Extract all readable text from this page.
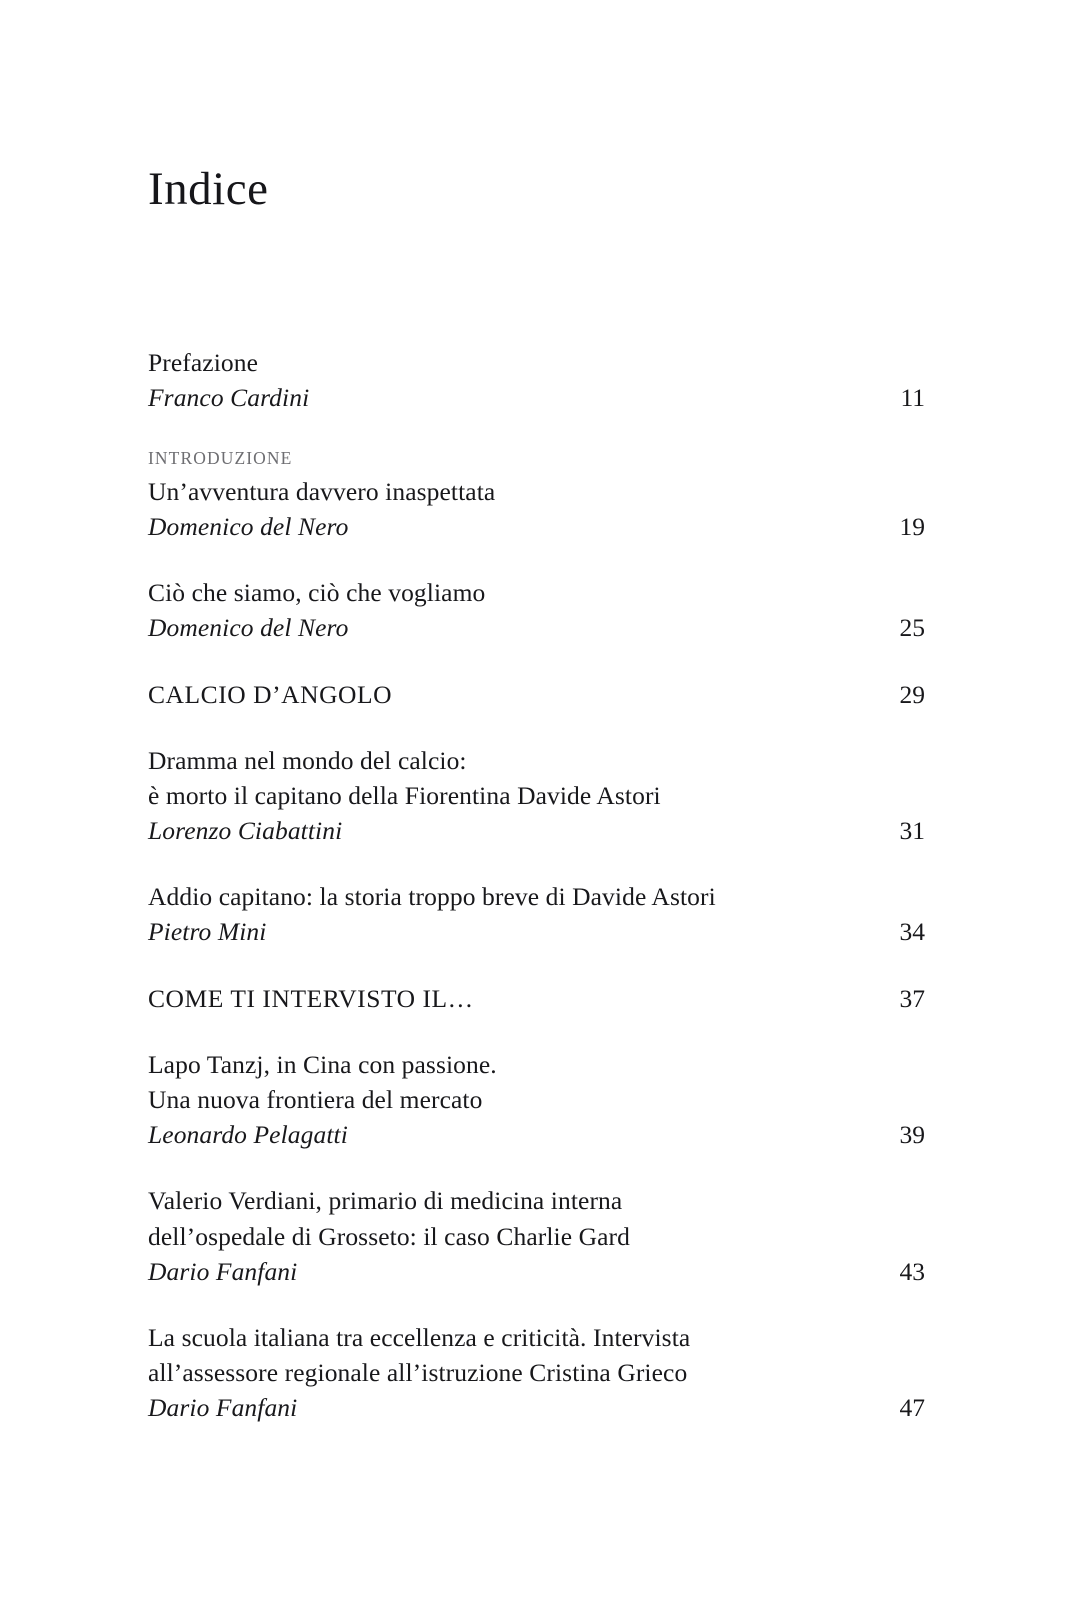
Indice
Prefazione
Franco Cardini	11
INTRODUZIONE
Un’avventura davvero inaspettata
Domenico del Nero	19
Ciò che siamo, ciò che vogliamo
Domenico del Nero	25
CALCIO D’ANGOLO	29
Dramma nel mondo del calcio:
è morto il capitano della Fiorentina Davide Astori
Lorenzo Ciabattini	31
Addio capitano: la storia troppo breve di Davide Astori
Pietro Mini	34
COME TI INTERVISTO IL…	37
Lapo Tanzj, in Cina con passione.
Una nuova frontiera del mercato
Leonardo Pelagatti	39
Valerio Verdiani, primario di medicina interna
dell’ospedale di Grosseto: il caso Charlie Gard
Dario Fanfani	43
La scuola italiana tra eccellenza e criticità. Intervista
all’assessore regionale all’istruzione Cristina Grieco
Dario Fanfani	47
